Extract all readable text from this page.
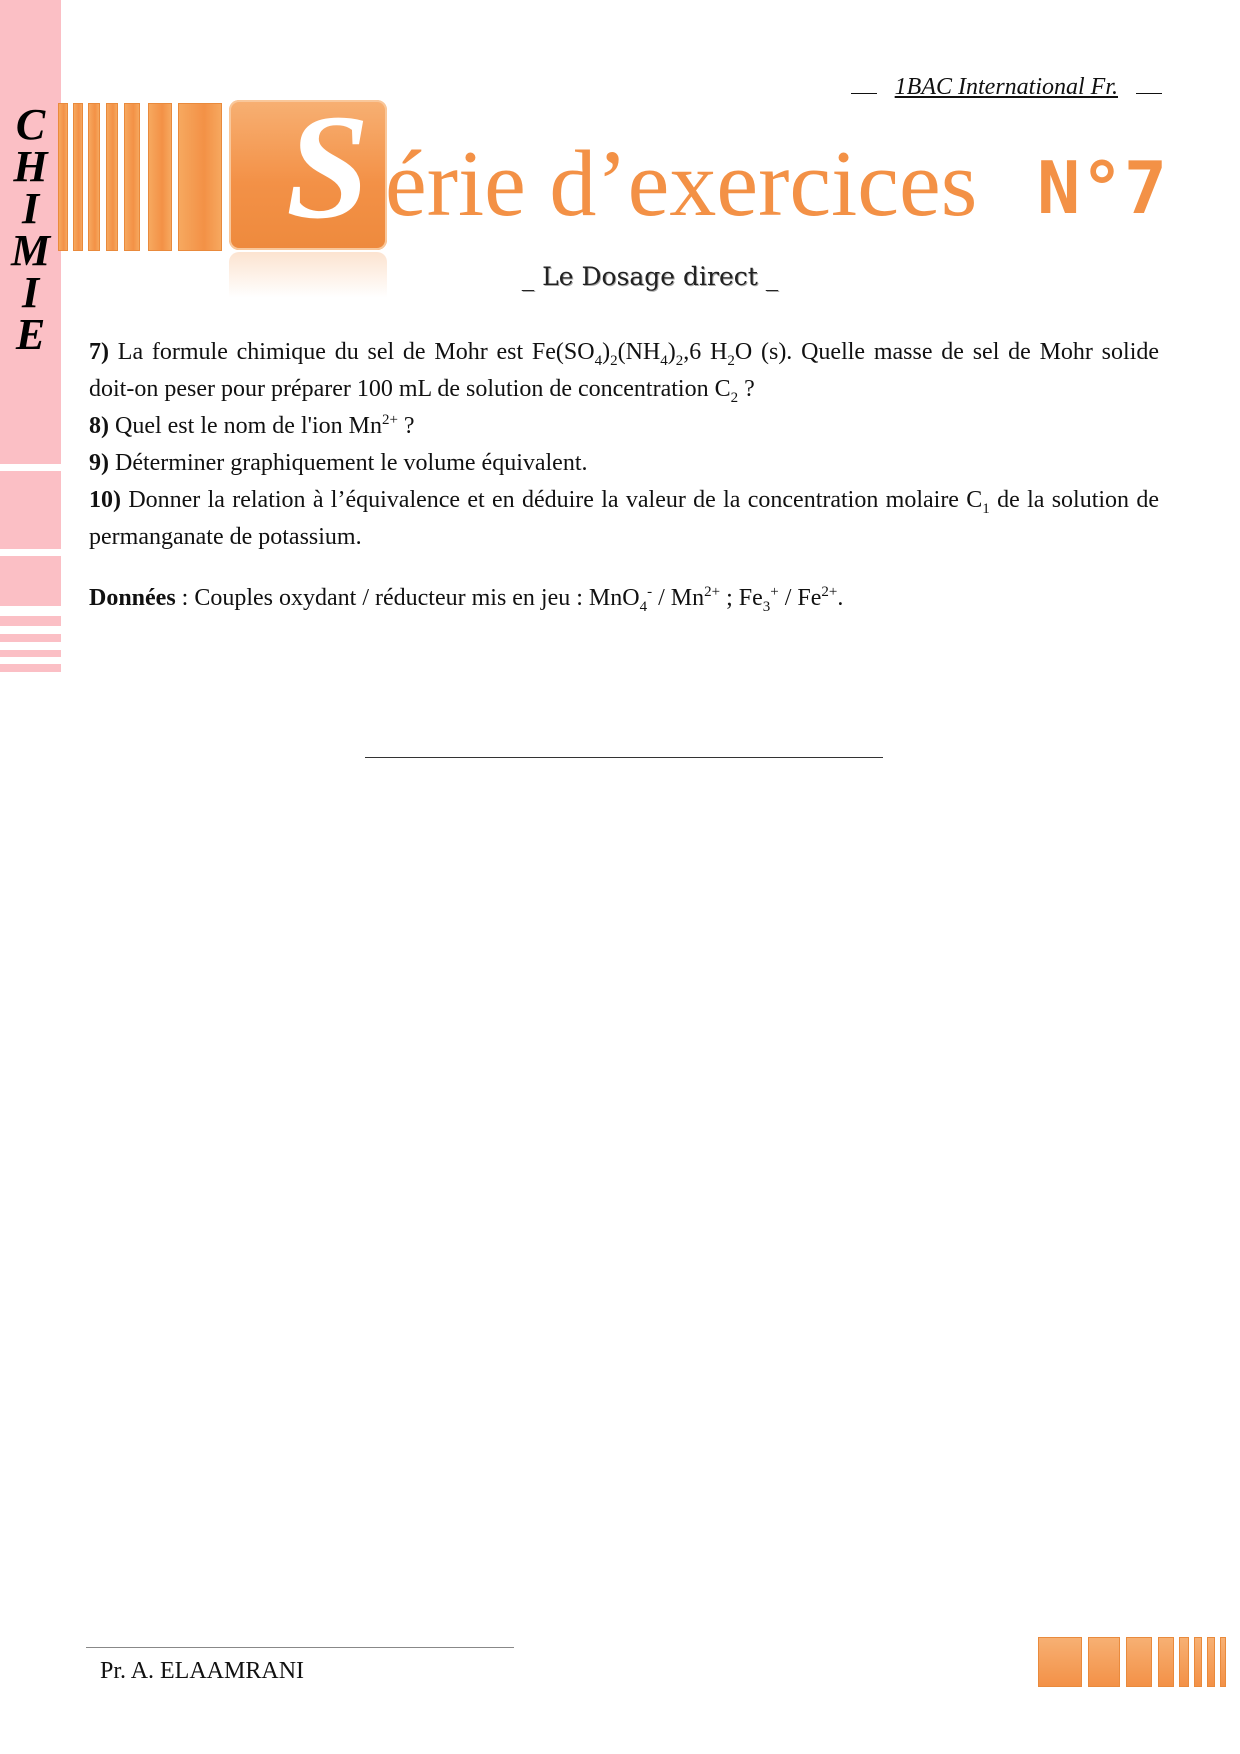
C
H
I
M
I
E
1BAC International Fr.
S érie d’exercices N°7
_ Le Dosage direct _

7) La formule chimique du sel de Mohr est $Fe(SO_4)_2(NH_4)_2,6$ $H_2O$ (s). Quelle masse de sel de Mohr solide doit-on peser pour préparer 100 mL de solution de concentration $C_2$ ?

8) Quel est le nom de l'ion $Mn^{2+}$ ?

9) Déterminer graphiquement le volume équivalent.

10) Donner la relation à l’équivalence et en déduire la valeur de la concentration molaire $C_1$ de la solution de permanganate de potassium.

Données : Couples oxydant / réducteur mis en jeu : $MnO_4^- / Mn^{2+}$ ; $Fe_3^+ / Fe^{2+}$.

Pr. A. ELAAMRANI
